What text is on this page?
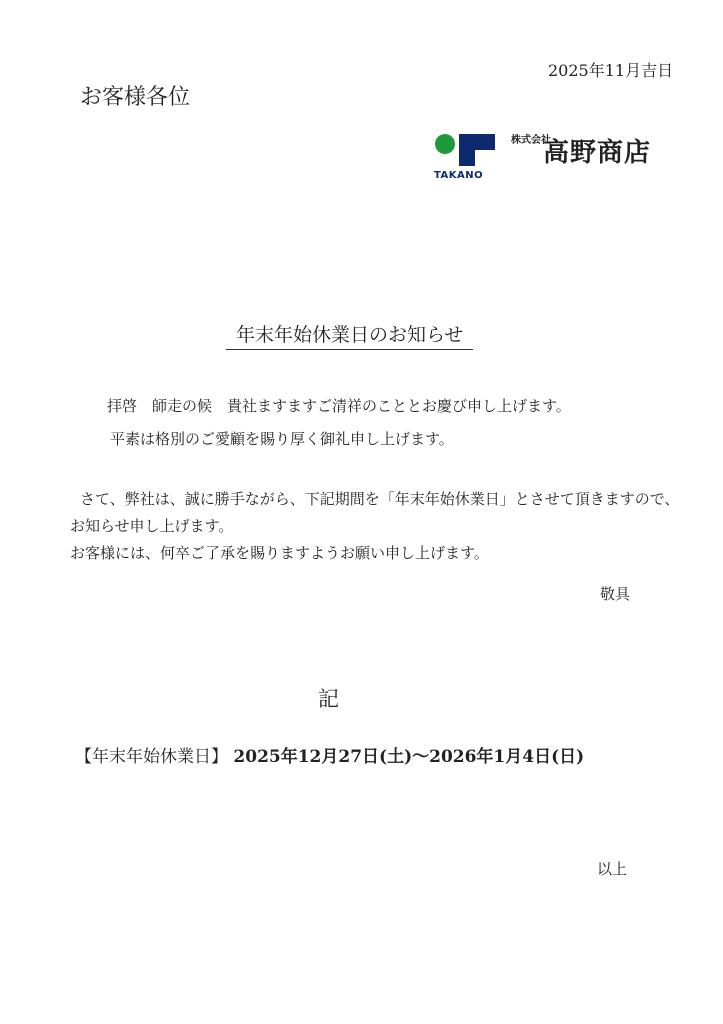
2025年11月吉日
お客様各位
TAKANO
株式会社
高野商店
年末年始休業日のお知らせ
拝啓　師走の候　貴社ますますご清祥のこととお慶び申し上げます。
平素は格別のご愛顧を賜り厚く御礼申し上げます。
さて、弊社は、誠に勝手ながら、下記期間を「年末年始休業日」とさせて頂きますので、
お知らせ申し上げます。
お客様には、何卒ご了承を賜りますようお願い申し上げます。
敬具
記
【年末年始休業日】 2025年12月27日(土)～2026年1月4日(日)
以上
